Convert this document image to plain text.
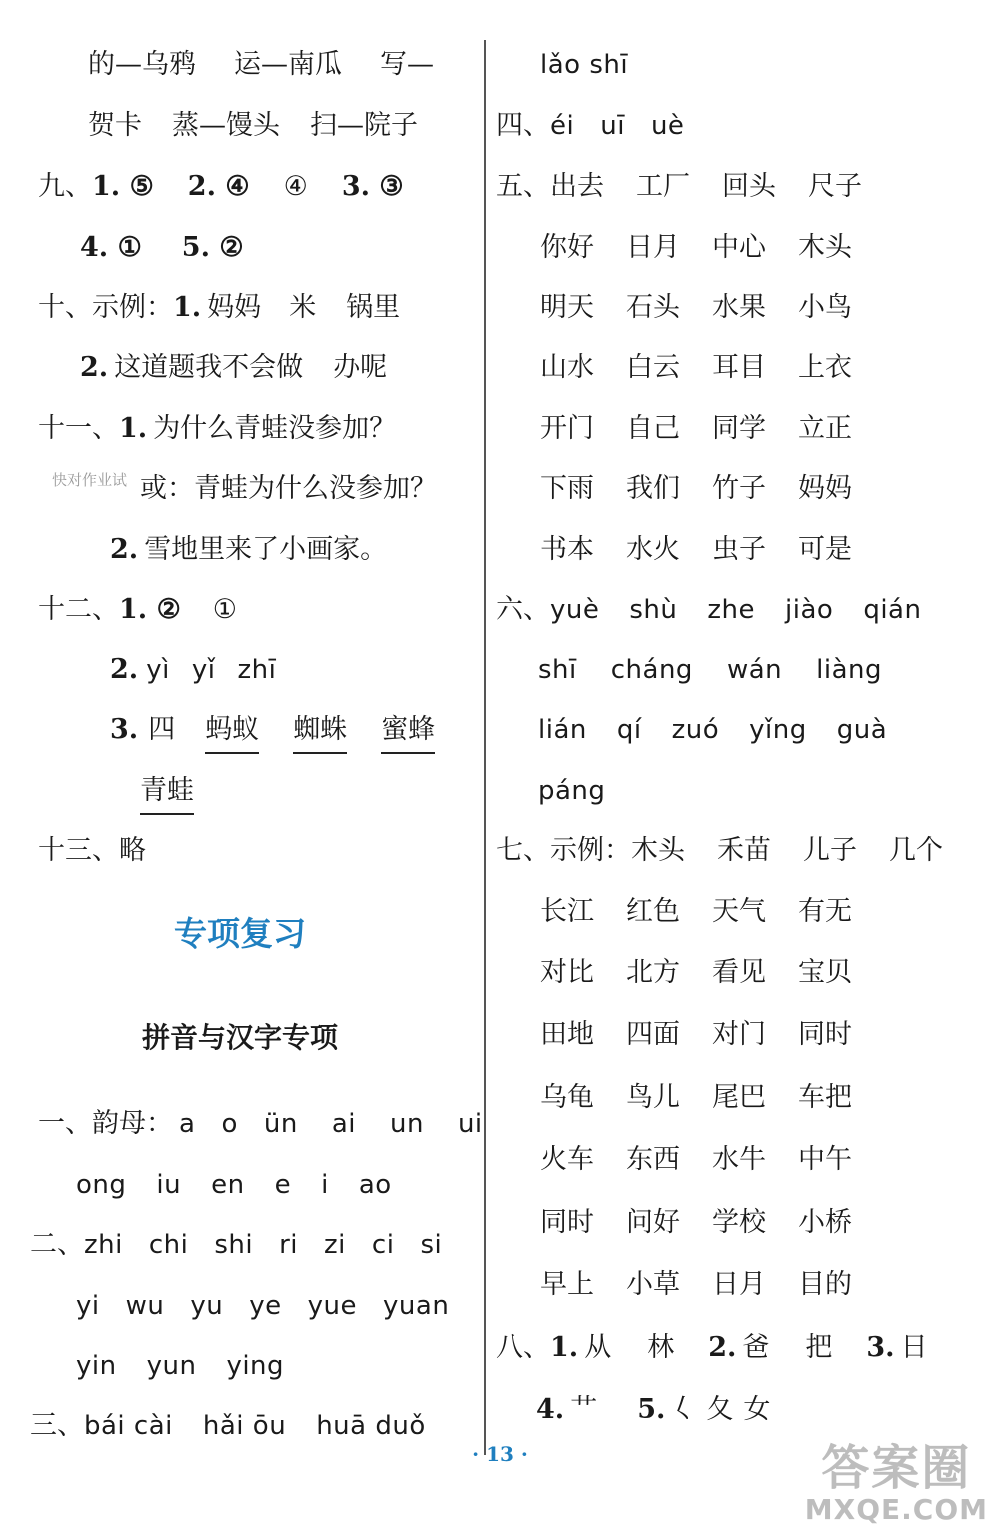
的—乌鸦 运—南瓜 写—
贺卡 蒸—馒头 扫—院子
九、1. ⑤ 2. ④ ④ 3. ③
4. ① 5. ②
十、示例：1. 妈妈 米 锅里
2. 这道题我不会做 办呢
十一、1. 为什么青蛙没参加？
或：青蛙为什么没参加？
2. 雪地里来了小画家。
十二、1. ② ①
2. yì yǐ zhī
3. 四 蚂蚁 蜘蛛 蜜蜂
青蛙
十三、略
一、韵母： a o ün ai un ui
ong iu en e i ao
二、zhi chi shi ri zi ci si
yi wu yu ye yue yuan
yin yun ying
三、bái cài hǎi ōu huā duǒ
lǎo shī
四、éi uī uè
五、出去 工厂 回头 尺子
你好 日月 中心 木头
明天 石头 水果 小鸟
山水 白云 耳目 上衣
开门 自己 同学 立正
下雨 我们 竹子 妈妈
书本 水火 虫子 可是
六、yuè shù zhe jiào qián
shī cháng wán liàng
lián qí zuó yǐng guà
páng
七、示例：木头 禾苗 儿子 几个
长江 红色 天气 有无
对比 北方 看见 宝贝
田地 四面 对门 同时
乌龟 鸟儿 尾巴 车把
火车 东西 水牛 中午
同时 问好 学校 小桥
早上 小草 日月 目的
八、1. 从 林 2. 爸 把 3. 日
4. 艹 5. 𡿨 夂 女
专项复习
拼音与汉字专项
快对作业试
· 13 ·	答案圈
MXQE.COM
